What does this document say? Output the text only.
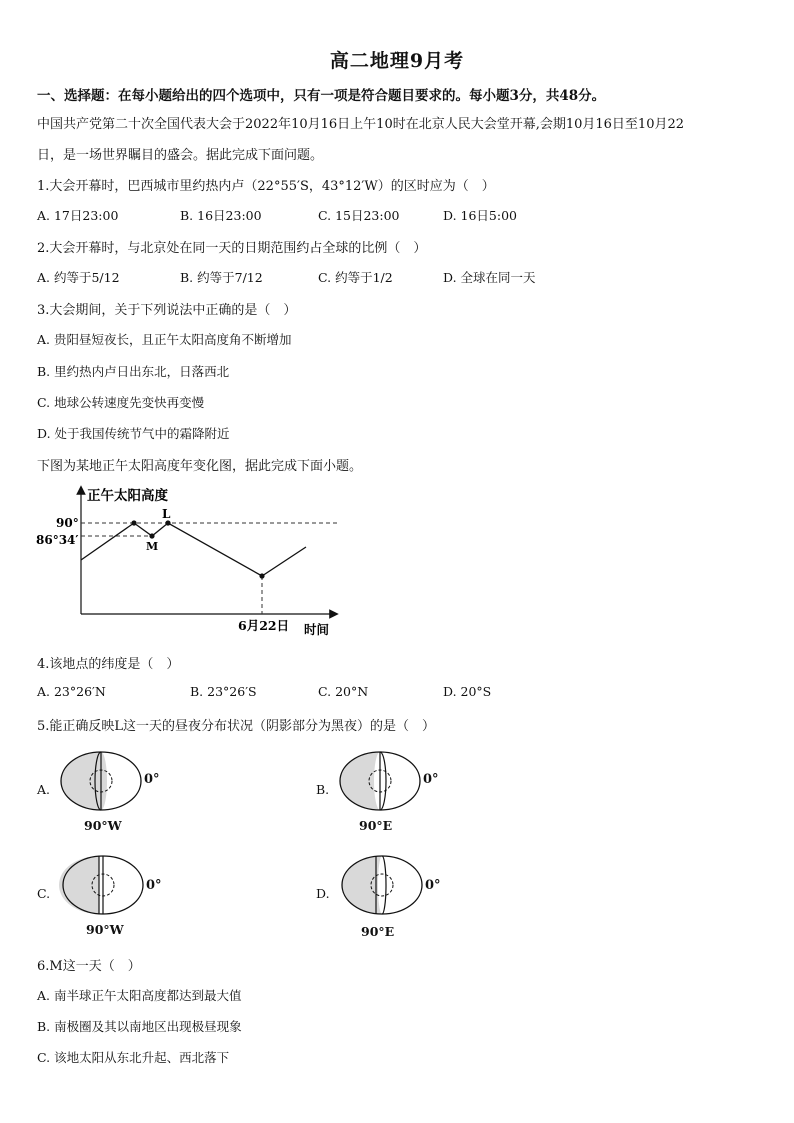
高二地理9月考
一、选择题：在每小题给出的四个选项中，只有一项是符合题目要求的。每小题3分，共48分。
中国共产党第二十次全国代表大会于2022年10月16日上午10时在北京人民大会堂开幕,会期10月16日至10月22
日，是一场世界瞩目的盛会。据此完成下面问题。
1.大会开幕时，巴西城市里约热内卢（22°55′S，43°12′W）的区时应为（　）
A. 17日23:00	B. 16日23:00	C. 15日23:00	D. 16日5:00
2.大会开幕时，与北京处在同一天的日期范围约占全球的比例（　）
A. 约等于5/12	B. 约等于7/12	C. 约等于1/2	D. 全球在同一天
3.大会期间，关于下列说法中正确的是（　）
A. 贵阳昼短夜长，且正午太阳高度角不断增加
B. 里约热内卢日出东北，日落西北
C. 地球公转速度先变快再变慢
D. 处于我国传统节气中的霜降附近
下图为某地正午太阳高度年变化图，据此完成下面小题。
正午太阳高度
90°
86°34′
L
M
6月22日 时间
4.该地点的纬度是（　）
A. 23°26′N	B. 23°26′S	C. 20°N	D. 20°S
5.能正确反映L这一天的昼夜分布状况（阴影部分为黑夜）的是（　）
A.
0°
90°W
B.
0°
90°E
C.
0°
90°W
D.
0°
90°E
6.M这一天（　）
A. 南半球正午太阳高度都达到最大值
B. 南极圈及其以南地区出现极昼现象
C. 该地太阳从东北升起、西北落下
